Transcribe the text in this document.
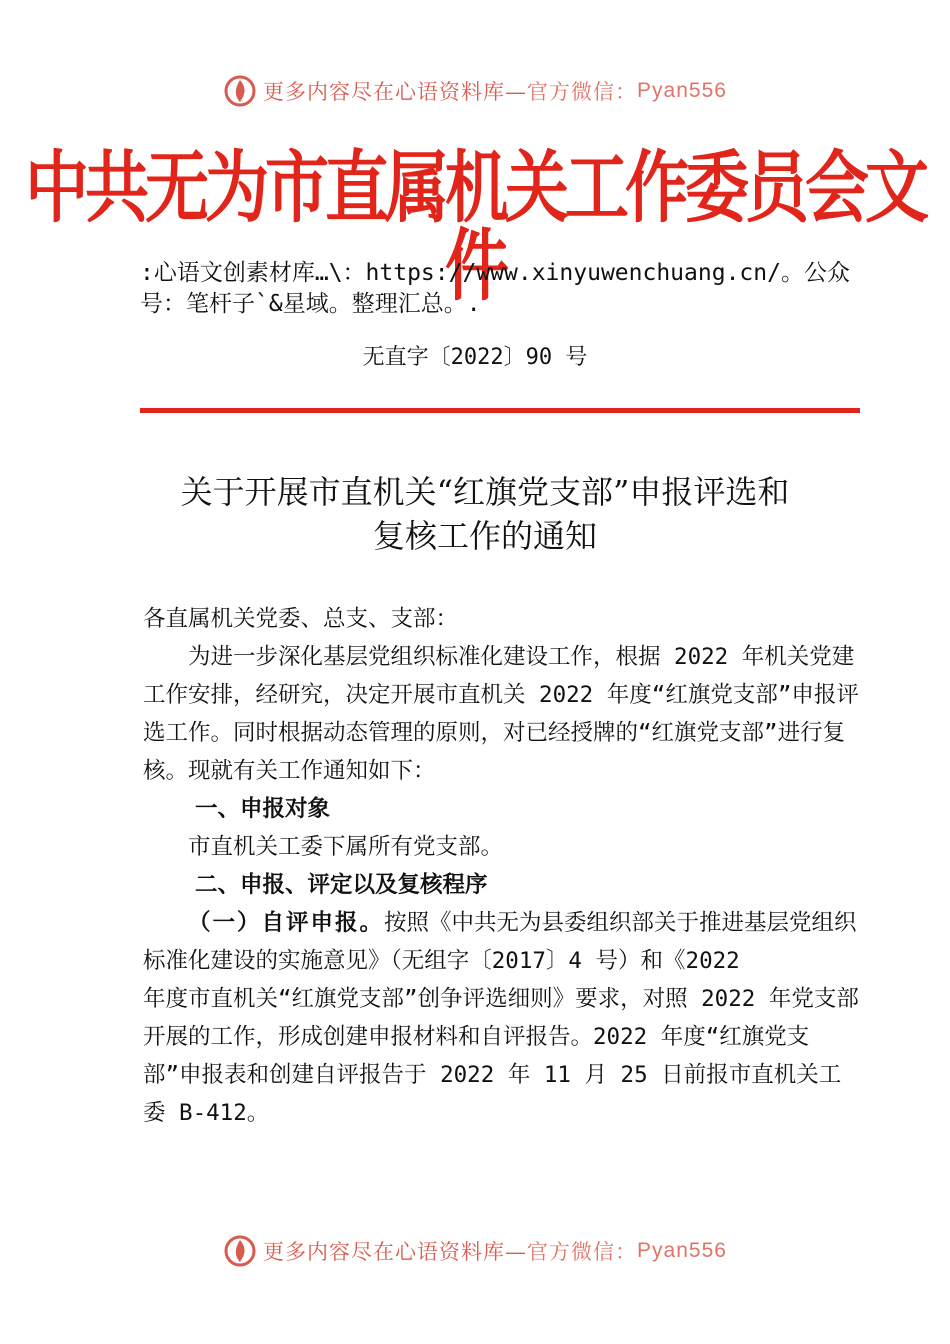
更多内容尽在心语资料库— 官方微信： Pyan556
中共无为市直属机关工作委员会文件
:心语文创素材库…\：https://www.xinyuwenchuang.cn/。公众号：笔杆子`&星域。整理汇总。.
无直字〔2022〕90 号
关于开展市直机关“红旗党支部”申报评选和
复核工作的通知

各直属机关党委、总支、支部：

为进一步深化基层党组织标准化建设工作，根据 2022 年机关党建工作安排，经研究，决定开展市直机关 2022 年度“红旗党支部”申报评选工作。同时根据动态管理的原则，对已经授牌的“红旗党支部”进行复核。现就有关工作通知如下：

一、申报对象

市直机关工委下属所有党支部。

二、申报、评定以及复核程序

（一）自评申报。按照《中共无为县委组织部关于推进基层党组织标准化建设的实施意见》（无组字〔2017〕4 号）和《2022

年度市直机关“红旗党支部”创争评选细则》要求，对照 2022 年党支部开展的工作，形成创建申报材料和自评报告。2022 年度“红旗党支部”申报表和创建自评报告于 2022 年 11 月 25 日前报市直机关工委 B-412。

更多内容尽在心语资料库— 官方微信： Pyan556
